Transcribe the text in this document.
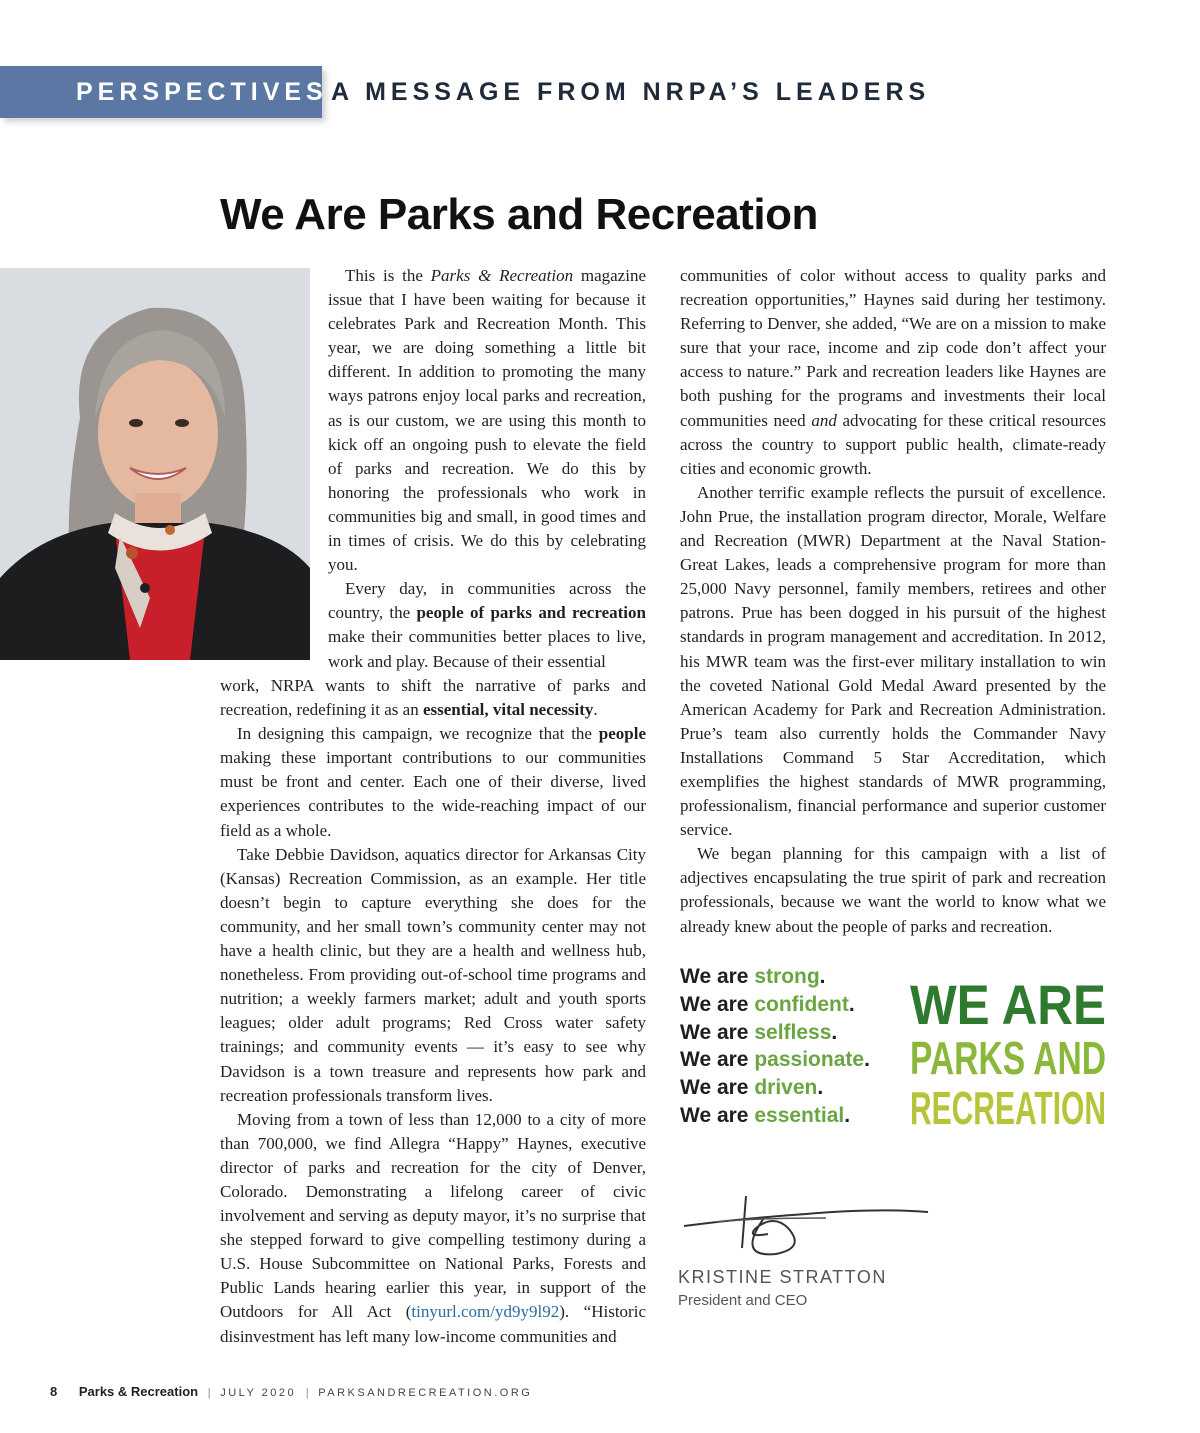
PERSPECTIVES A MESSAGE FROM NRPA’S LEADERS
We Are Parks and Recreation

This is the Parks & Recreation magazine issue that I have been waiting for because it celebrates Park and Recreation Month. This year, we are doing something a little bit different. In addition to promoting the many ways patrons enjoy local parks and recreation, as is our custom, we are using this month to kick off an ongoing push to elevate the field of parks and recreation. We do this by honoring the professionals who work in communities big and small, in good times and in times of crisis. We do this by celebrating you.

Every day, in communities across the country, the people of parks and recreation make their communities better places to live, work and play. Because of their essential

work, NRPA wants to shift the narrative of parks and recreation, redefining it as an essential, vital necessity.

In designing this campaign, we recognize that the people making these important contributions to our communities must be front and center. Each one of their diverse, lived experiences contributes to the wide-reaching impact of our field as a whole.

Take Debbie Davidson, aquatics director for Arkansas City (Kansas) Recreation Commission, as an example. Her title doesn’t begin to capture everything she does for the community, and her small town’s community center may not have a health clinic, but they are a health and wellness hub, nonetheless. From providing out-of-school time programs and nutrition; a weekly farmers market; adult and youth sports leagues; older adult programs; Red Cross water safety trainings; and community events — it’s easy to see why Davidson is a town treasure and represents how park and recreation professionals transform lives.

Moving from a town of less than 12,000 to a city of more than 700,000, we find Allegra “Happy” Haynes, executive director of parks and recreation for the city of Denver, Colorado. Demonstrating a lifelong career of civic involvement and serving as deputy mayor, it’s no surprise that she stepped forward to give compelling testimony during a U.S. House Subcommittee on National Parks, Forests and Public Lands hearing earlier this year, in support of the Outdoors for All Act (tinyurl.com/yd9y9l92). “Historic disinvestment has left many low-income communities and

communities of color without access to quality parks and recreation opportunities,” Haynes said during her testimony. Referring to Denver, she added, “We are on a mission to make sure that your race, income and zip code don’t affect your access to nature.” Park and recreation leaders like Haynes are both pushing for the programs and investments their local communities need and advocating for these critical resources across the country to support public health, climate-ready cities and economic growth.

Another terrific example reflects the pursuit of excellence. John Prue, the installation program director, Morale, Welfare and Recreation (MWR) Department at the Naval Station-Great Lakes, leads a comprehensive program for more than 25,000 Navy personnel, family members, retirees and other patrons. Prue has been dogged in his pursuit of the highest standards in program management and accreditation. In 2012, his MWR team was the first-ever military installation to win the coveted National Gold Medal Award presented by the American Academy for Park and Recreation Administration. Prue’s team also currently holds the Commander Navy Installations Command 5 Star Accreditation, which exemplifies the highest standards of MWR programming, professionalism, financial performance and superior customer service.

We began planning for this campaign with a list of adjectives encapsulating the true spirit of park and recreation professionals, because we want the world to know what we already knew about the people of parks and recreation.

We are strong.
We are confident.
We are selfless.
We are passionate.
We are driven.
We are essential.
WE ARE
PARKS AND
RECREATION
KRISTINE STRATTON
President and CEO
8 Parks & Recreation | JULY 2020 | PARKSANDRECREATION.ORG
